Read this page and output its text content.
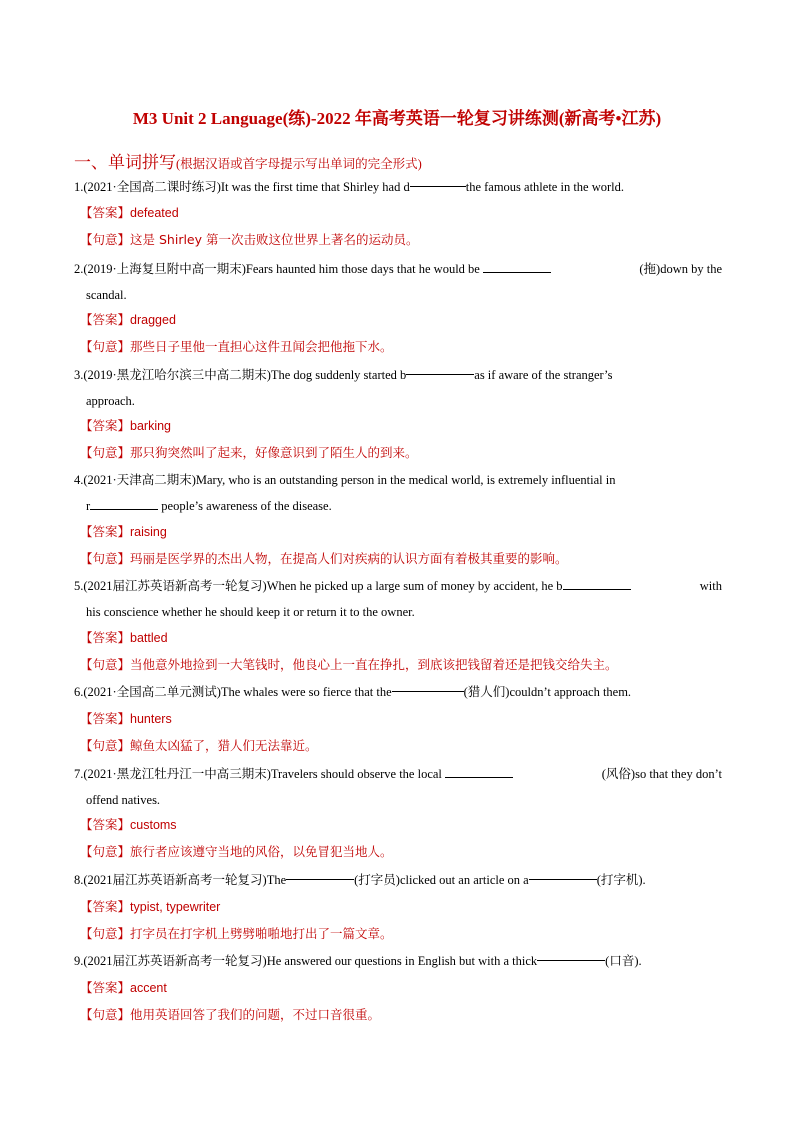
M3 Unit 2 Language(练)-2022 年高考英语一轮复习讲练测(新高考•江苏)
一、单词拼写(根据汉语或首字母提示写出单词的完全形式)
1.(2021·全国高二课时练习)It was the first time that Shirley had d	the famous athlete in the world.
【答案】defeated
【句意】这是 Shirley 第一次击败这位世界上著名的运动员。
2.(2019·上海复旦附中高一期末)Fears haunted him those days that he would be	(拖)down by the
scandal.
【答案】dragged
【句意】那些日子里他一直担心这件丑闻会把他拖下水。
3.(2019·黑龙江哈尔滨三中高二期末)The dog suddenly started b	as if aware of the stranger’s
approach.
【答案】barking
【句意】那只狗突然叫了起来，好像意识到了陌生人的到来。
4.(2021·天津高二期末)Mary, who is an outstanding person in the medical world, is extremely influential in
r	people’s awareness of the disease.
【答案】raising
【句意】玛丽是医学界的杰出人物，在提高人们对疾病的认识方面有着极其重要的影响。
5.(2021届江苏英语新高考一轮复习)When he picked up a large sum of money by accident, he b	with
his conscience whether he should keep it or return it to the owner.
【答案】battled
【句意】当他意外地捡到一大笔钱时，他良心上一直在挣扎，到底该把钱留着还是把钱交给失主。
6.(2021·全国高二单元测试)The whales were so fierce that the	(猎人们)couldn’t approach them.
【答案】hunters
【句意】鲸鱼太凶猛了，猎人们无法靠近。
7.(2021·黑龙江牡丹江一中高三期末)Travelers should observe the local	(风俗)so that they don’t
offend natives.
【答案】customs
【句意】旅行者应该遵守当地的风俗，以免冒犯当地人。
8.(2021届江苏英语新高考一轮复习)The	(打字员)clicked out an article on a	(打字机).
【答案】typist, typewriter
【句意】打字员在打字机上劈劈啪啪地打出了一篇文章。
9.(2021届江苏英语新高考一轮复习)He answered our questions in English but with a thick	(口音).
【答案】accent
【句意】他用英语回答了我们的问题，不过口音很重。
